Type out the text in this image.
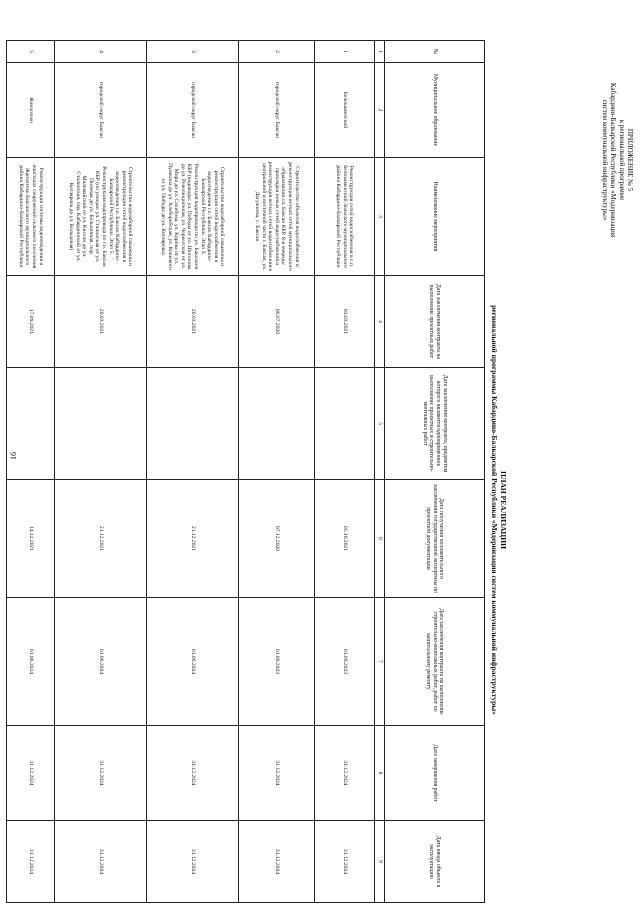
16
ПРИЛОЖЕНИЕ № 5
к региональной программе
Кабардино-Балкарской Республики «Модернизация
систем коммунальной инфраструктуры»
ПЛАН РЕАЛИЗАЦИИ
региональной программы Кабардино-Балкарской Республики «Модернизация систем коммунальной инфраструктуры»
№	Муниципальное образование	Наименование мероприятия	Дата заключения контракта на выполнение проектных работ	Дата заключения контракта, предметом которого являются одновременное выполнение проектных и строительно-монтажных работ	Дата получения положительного заключения государственной экспертизы по проектной документации	Дата заключения контракта на выполнение строительно-монтажных работ, работ по капитальному ремонту	Дата завершения работ	Дата ввода объекта в эксплуатацию
1	2	3	4	5	6	7	8	9
1	Белокаменский	Реконструкция сетей водоснабжения в с.п. Белокаменский Зольского муниципального района Кабардино-Балкарской Республики	03.03.2021		05.10.2021	01.09.2023	31.12.2024	31.12.2024
2	городской округ Баксан	Строительство объектов водоснабжения и реконструкция ветхих сетей муниципального образования г.о. Баксан КБР. 8-я очередь: прокладка новых сетей водоснабжения и реконструкция ветхих сетей водоснабжения в центральной и восточной части г. Баксан, ул. Дагужиева, с. Баксан	06.07.2020		07.12.2020	01.09.2023	31.12.2024	31.12.2024
3	городской округ Баксан	Строительство водозаборной скважины и реконструкция сетей водоснабжения в водоотведения г.о. Баксан Кабардино-Балкарской Республики. Этап 3. Реконструкция водопровода по ул. Баксанов КБР (водоводы: ул. Победы от ул. Шогенова до ул. Революционная, ул. Черкесская от ул. Мира до ул. Сахибова, ул. Кирова от ул. Пушкина до ул. Хлеборобская, ул. Кошевого от ул. Победы до ул. Котлярова)	20.03.2021		21.12.2021	01.06.2024	31.12.2024	31.12.2024
4	городской округ Баксан	Строительство водозаборной скважины и реконструкция сетей водоснабжения в водоотведения г.о. Баксан Кабардино-Балкарской Республики. Этап 5. Реконструкция водопровода по г.о. Баксан КБР (по улицам: ул. Сталинская от ул. Полевая до ул. Больничная, пер. Маломайский от ул. Кисели до ул. Сталинская, пер. Кабардинский от ул. Котлярова до ул. Кольцевая)	20.03.2021		21.12.2021	01.06.2024	31.12.2024	31.12.2024
5	Жанхотеко	Реконструкция системы водоотведения и очистных сооружений сельского поселения Жанхотеко Баксанского муниципального района Кабардино-Балкарской Республики	17.09.2021		14.12.2021	01.06.2024	31.12.2024	31.12.2024
